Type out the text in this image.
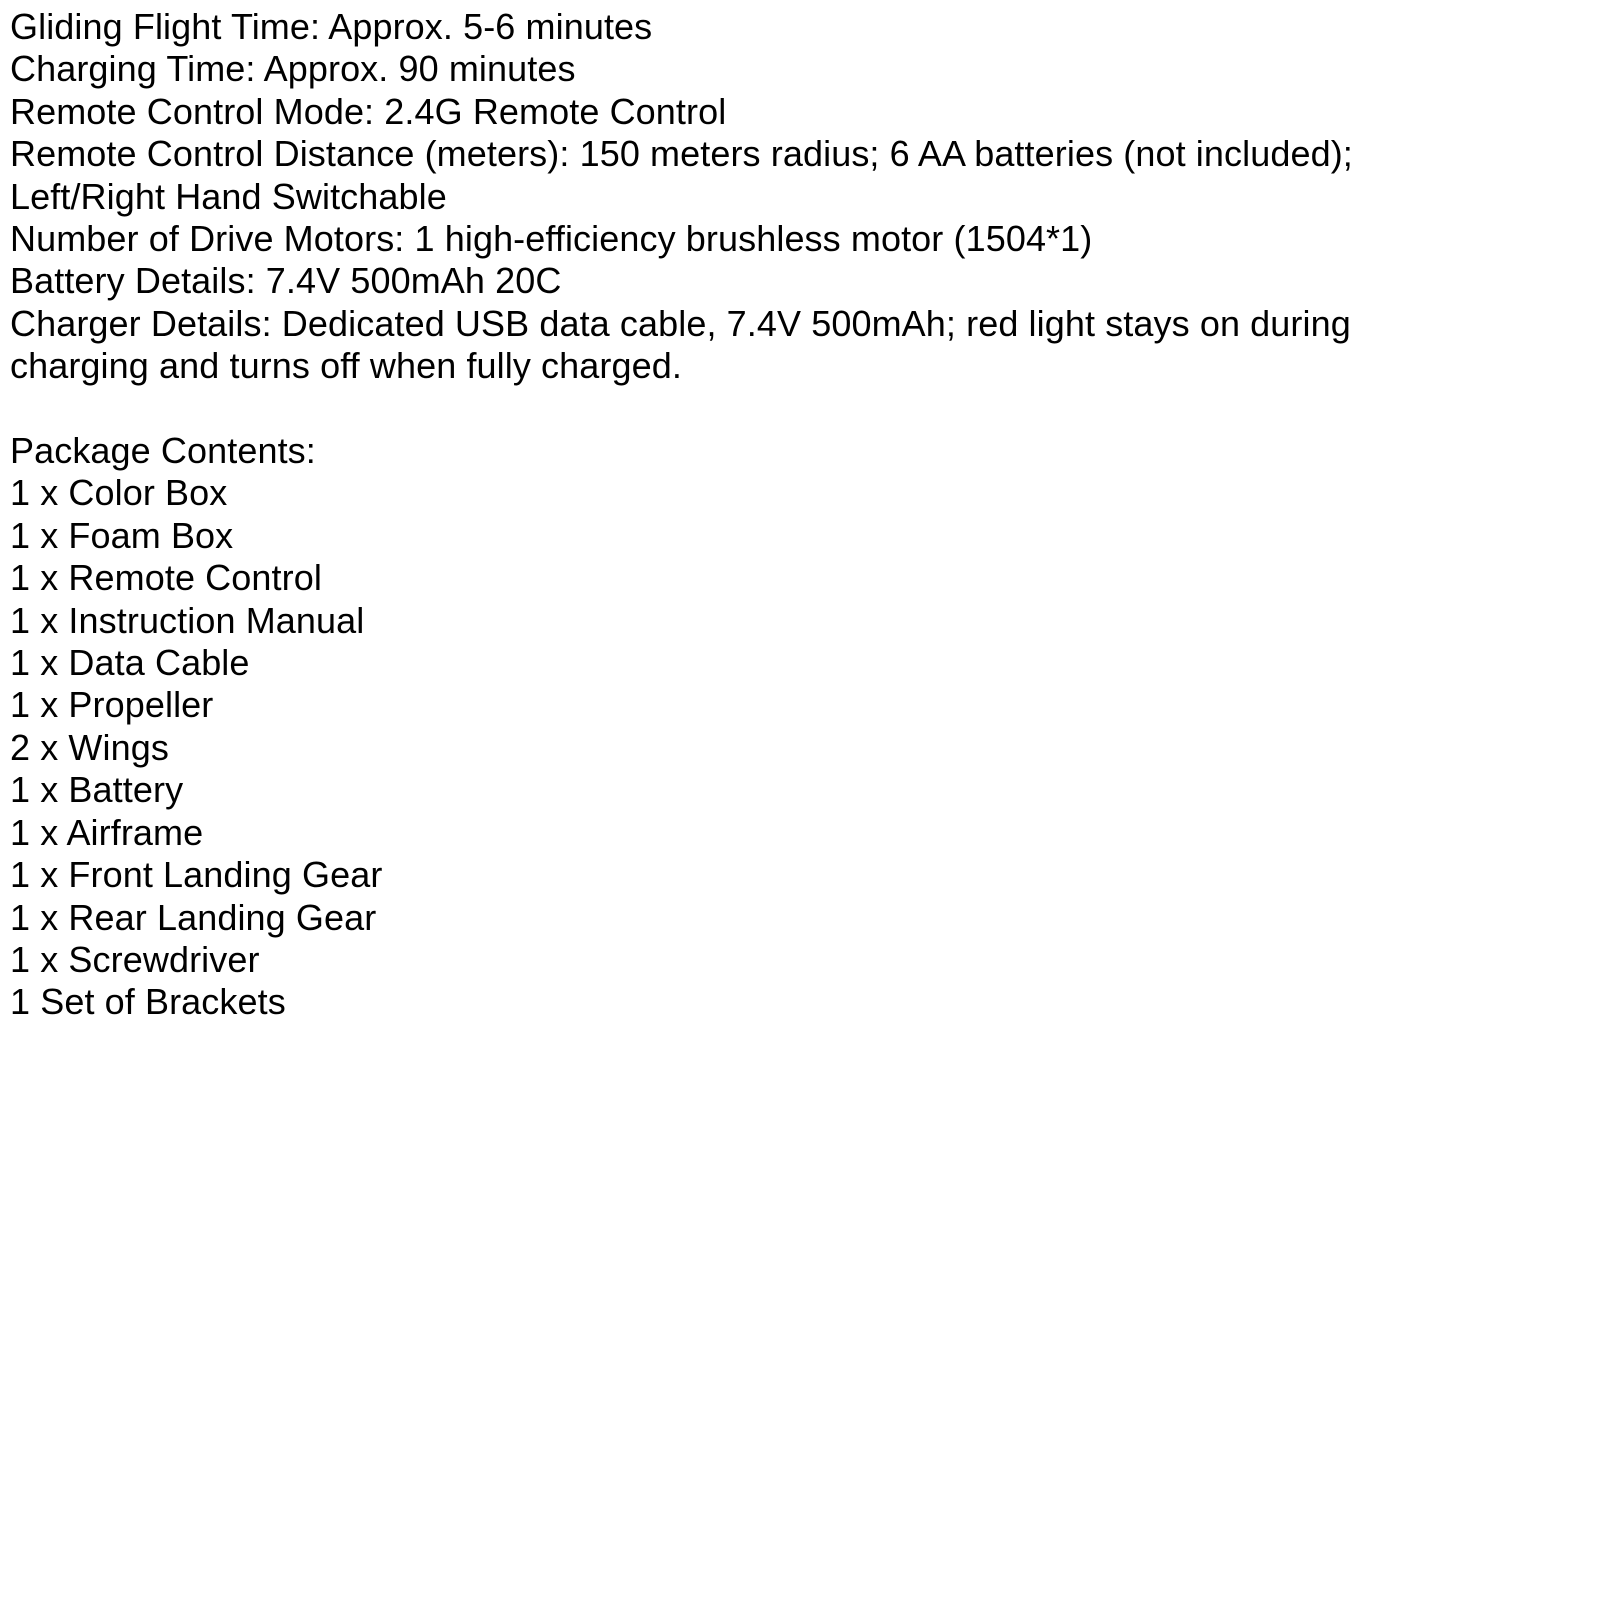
Gliding Flight Time: Approx. 5-6 minutes

Charging Time: Approx. 90 minutes

Remote Control Mode: 2.4G Remote Control

Remote Control Distance (meters): 150 meters radius; 6 AA batteries (not included);

Left/Right Hand Switchable

Number of Drive Motors: 1 high-efficiency brushless motor (1504*1)

Battery Details: 7.4V 500mAh 20C

Charger Details: Dedicated USB data cable, 7.4V 500mAh; red light stays on during

charging and turns off when fully charged.

Package Contents:

1 x Color Box
1 x Foam Box
1 x Remote Control
1 x Instruction Manual
1 x Data Cable
1 x Propeller
2 x Wings
1 x Battery
1 x Airframe
1 x Front Landing Gear
1 x Rear Landing Gear
1 x Screwdriver
1 Set of Brackets
